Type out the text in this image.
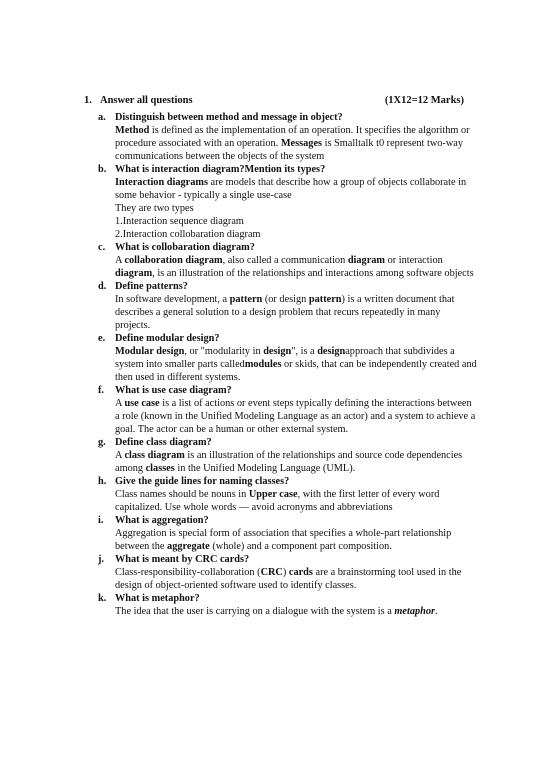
1. Answer all questions	(1X12=12 Marks)
a. Distinguish between method and message in object?

Method is defined as the implementation of an operation. It specifies the algorithm or procedure associated with an operation. Messages is Smalltalk t0 represent two-way communications between the objects of the system

b. What is interaction diagram?Mention its types?

Interaction diagrams are models that describe how a group of objects collaborate in some behavior - typically a single use-case

They are two types

1.Interaction sequence diagram

2.Interaction collobaration diagram

c. What is collobaration diagram?

A collaboration diagram, also called a communication diagram or interaction diagram, is an illustration of the relationships and interactions among software objects

d. Define patterns?

In software development, a pattern (or design pattern) is a written document that describes a general solution to a design problem that recurs repeatedly in many projects.

e. Define modular design?

Modular design, or "modularity in design", is a designapproach that subdivides a system into smaller parts calledmodules or skids, that can be independently created and then used in different systems.

f.	What is use case diagram?

A use case is a list of actions or event steps typically defining the interactions between a role (known in the Unified Modeling Language as an actor) and a system to achieve a goal. The actor can be a human or other external system.

g. Define class diagram?

A class diagram is an illustration of the relationships and source code dependencies among classes in the Unified Modeling Language (UML).

h. Give the guide lines for naming classes?

Class names should be nouns in Upper case, with the first letter of every word capitalized. Use whole words — avoid acronyms and abbreviations

i.	What is aggregation?

Aggregation is special form of association that specifies a whole-part relationship between the aggregate (whole) and a component part composition.

j.	What is meant by CRC cards?

Class-responsibility-collaboration (CRC) cards are a brainstorming tool used in the design of object-oriented software used to identify classes.

k. What is metaphor?

The idea that the user is carrying on a dialogue with the system is a metaphor.
